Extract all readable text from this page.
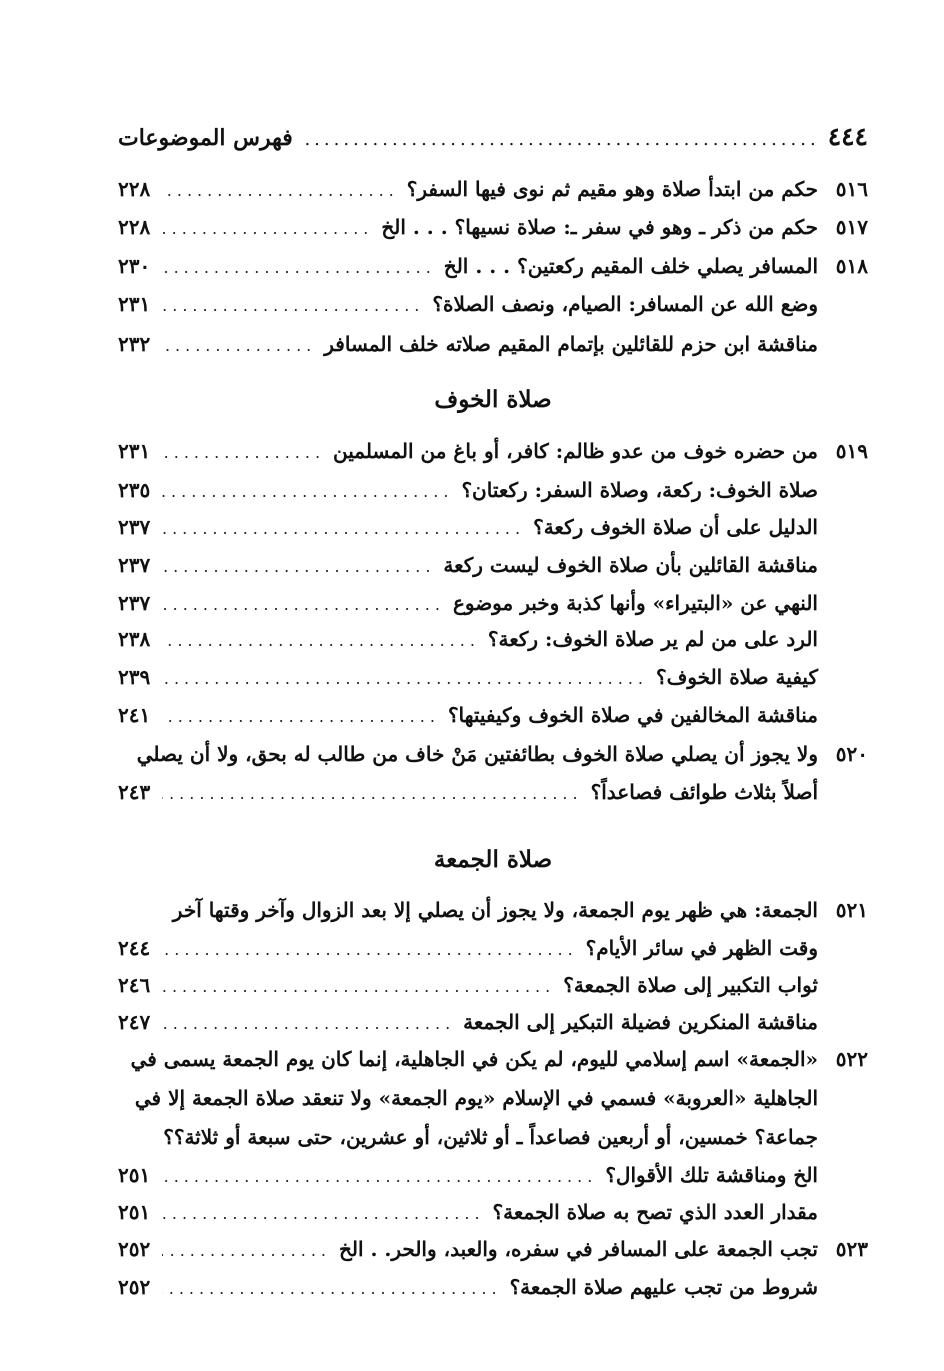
٤٤٤
.....
فهرس الموضوعات
٥١٦
حكم من ابتدأ صلاة وهو مقيم ثم نوى فيها السفر؟
.....
٢٢٨
٥١٧
حكم من ذكر ـ وهو في سفر ـ: صلاة نسيها؟ . . . الخ
.....
٢٢٨
٥١٨
المسافر يصلي خلف المقيم ركعتين؟ . . . الخ
.....
٢٣٠
وضع الله عن المسافر: الصيام، ونصف الصلاة؟
.....
٢٣١
مناقشة ابن حزم للقائلين بإتمام المقيم صلاته خلف المسافر
.....
٢٣٢
صلاة الخوف
٥١٩
من حضره خوف من عدو ظالم: كافر، أو باغ من المسلمين
.....
٢٣١
صلاة الخوف: ركعة، وصلاة السفر: ركعتان؟
.....
٢٣٥
الدليل على أن صلاة الخوف ركعة؟
.....
٢٣٧
مناقشة القائلين بأن صلاة الخوف ليست ركعة
.....
٢٣٧
النهي عن «البتيراء» وأنها كذبة وخبر موضوع
.....
٢٣٧
الرد على من لم ير صلاة الخوف: ركعة؟
.....
٢٣٨
كيفية صلاة الخوف؟
.....
٢٣٩
مناقشة المخالفين في صلاة الخوف وكيفيتها؟
.....
٢٤١
٥٢٠
ولا يجوز أن يصلي صلاة الخوف بطائفتين مَنْ خاف من طالب له بحق، ولا أن يصلي
أصلاً بثلاث طوائف فصاعداً؟
.....
٢٤٣
صلاة الجمعة
٥٢١
الجمعة: هي ظهر يوم الجمعة، ولا يجوز أن يصلي إلا بعد الزوال وآخر وقتها آخر
وقت الظهر في سائر الأيام؟
.....
٢٤٤
ثواب التكبير إلى صلاة الجمعة؟
.....
٢٤٦
مناقشة المنكرين فضيلة التبكير إلى الجمعة
.....
٢٤٧
٥٢٢
«الجمعة» اسم إسلامي لليوم، لم يكن في الجاهلية، إنما كان يوم الجمعة يسمى في
الجاهلية «العروبة» فسمي في الإسلام «يوم الجمعة» ولا تنعقد صلاة الجمعة إلا في
جماعة؟ خمسين، أو أربعين فصاعداً ـ أو ثلاثين، أو عشرين، حتى سبعة أو ثلاثة؟؟
الخ ومناقشة تلك الأقوال؟
.....
٢٥١
مقدار العدد الذي تصح به صلاة الجمعة؟
.....
٢٥١
٥٢٣
تجب الجمعة على المسافر في سفره، والعبد، والحر. . الخ
.....
٢٥٢
شروط من تجب عليهم صلاة الجمعة؟
.....
٢٥٢
